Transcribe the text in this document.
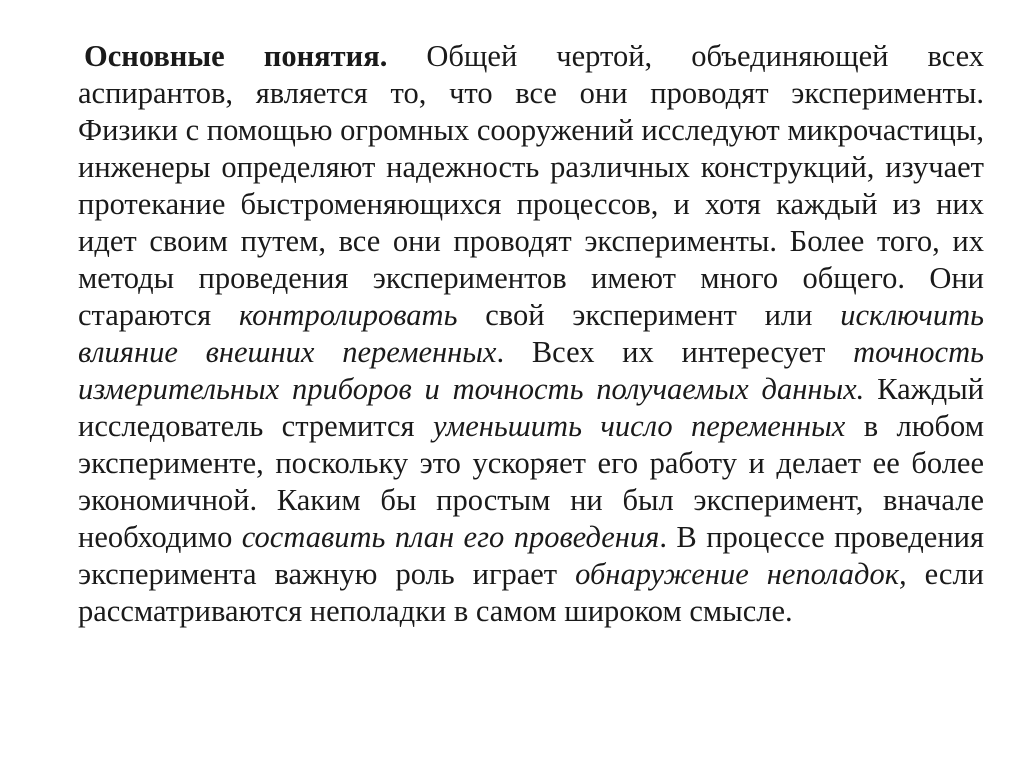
Основные понятия. Общей чертой, объединяющей всех аспирантов, является то, что все они проводят эксперименты. Физики с помощью огромных сооружений исследуют микрочастицы, инженеры определяют надежность различных конструкций, изучает протекание быстроменяющихся процессов, и хотя каждый из них идет своим путем, все они проводят эксперименты. Более того, их методы проведения экспериментов имеют много общего. Они стараются контролировать свой эксперимент или исключить влияние внешних переменных. Всех их интересует точность измерительных приборов и точность получаемых данных. Каждый исследователь стремится уменьшить число переменных в любом эксперименте, поскольку это ускоряет его работу и делает ее более экономичной. Каким бы простым ни был эксперимент, вначале необходимо составить план его проведения. В процессе проведения эксперимента важную роль играет обнаружение неполадок, если рассматриваются неполадки в самом широком смысле.
